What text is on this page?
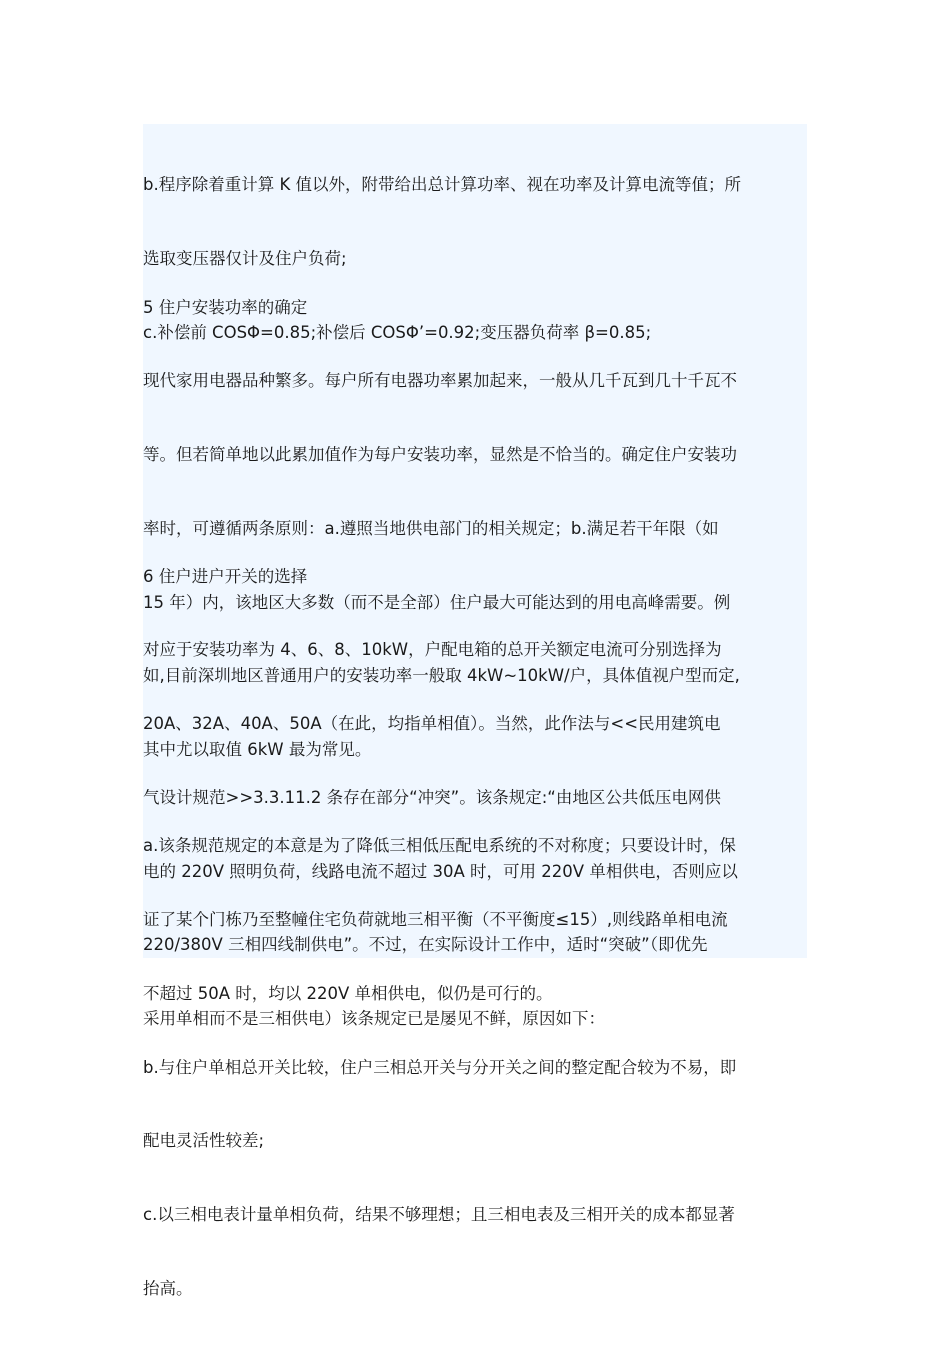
b.程序除着重计算 K 值以外，附带给出总计算功率、视在功率及计算电流等值；所

选取变压器仅计及住户负荷;

c.补偿前 COSΦ=0.85;补偿后 COSΦ’=0.92;变压器负荷率 β=0.85;

5 住户安装功率的确定

现代家用电器品种繁多。每户所有电器功率累加起来，一般从几千瓦到几十千瓦不

等。但若简单地以此累加值作为每户安装功率，显然是不恰当的。确定住户安装功

率时，可遵循两条原则：a.遵照当地供电部门的相关规定；b.满足若干年限（如

15 年）内，该地区大多数（而不是全部）住户最大可能达到的用电高峰需要。例

如,目前深圳地区普通用户的安装功率一般取 4kW~10kW/户，具体值视户型而定,

其中尤以取值 6kW 最为常见。

6 住户进户开关的选择

对应于安装功率为 4、6、8、10kW，户配电箱的总开关额定电流可分别选择为

20A、32A、40A、50A（在此，均指单相值）。当然，此作法与<<民用建筑电

气设计规范>>3.3.11.2 条存在部分“冲突”。该条规定:“由地区公共低压电网供

电的 220V 照明负荷，线路电流不超过 30A 时，可用 220V 单相供电，否则应以

220/380V 三相四线制供电”。不过，在实际设计工作中，适时“突破”（即优先

采用单相而不是三相供电）该条规定已是屡见不鲜，原因如下：

a.该条规范规定的本意是为了降低三相低压配电系统的不对称度；只要设计时，保

证了某个门栋乃至整幢住宅负荷就地三相平衡（不平衡度≤15）,则线路单相电流

不超过 50A 时，均以 220V 单相供电，似仍是可行的。

b.与住户单相总开关比较，住户三相总开关与分开关之间的整定配合较为不易，即

配电灵活性较差;

c.以三相电表计量单相负荷，结果不够理想；且三相电表及三相开关的成本都显著

抬高。
